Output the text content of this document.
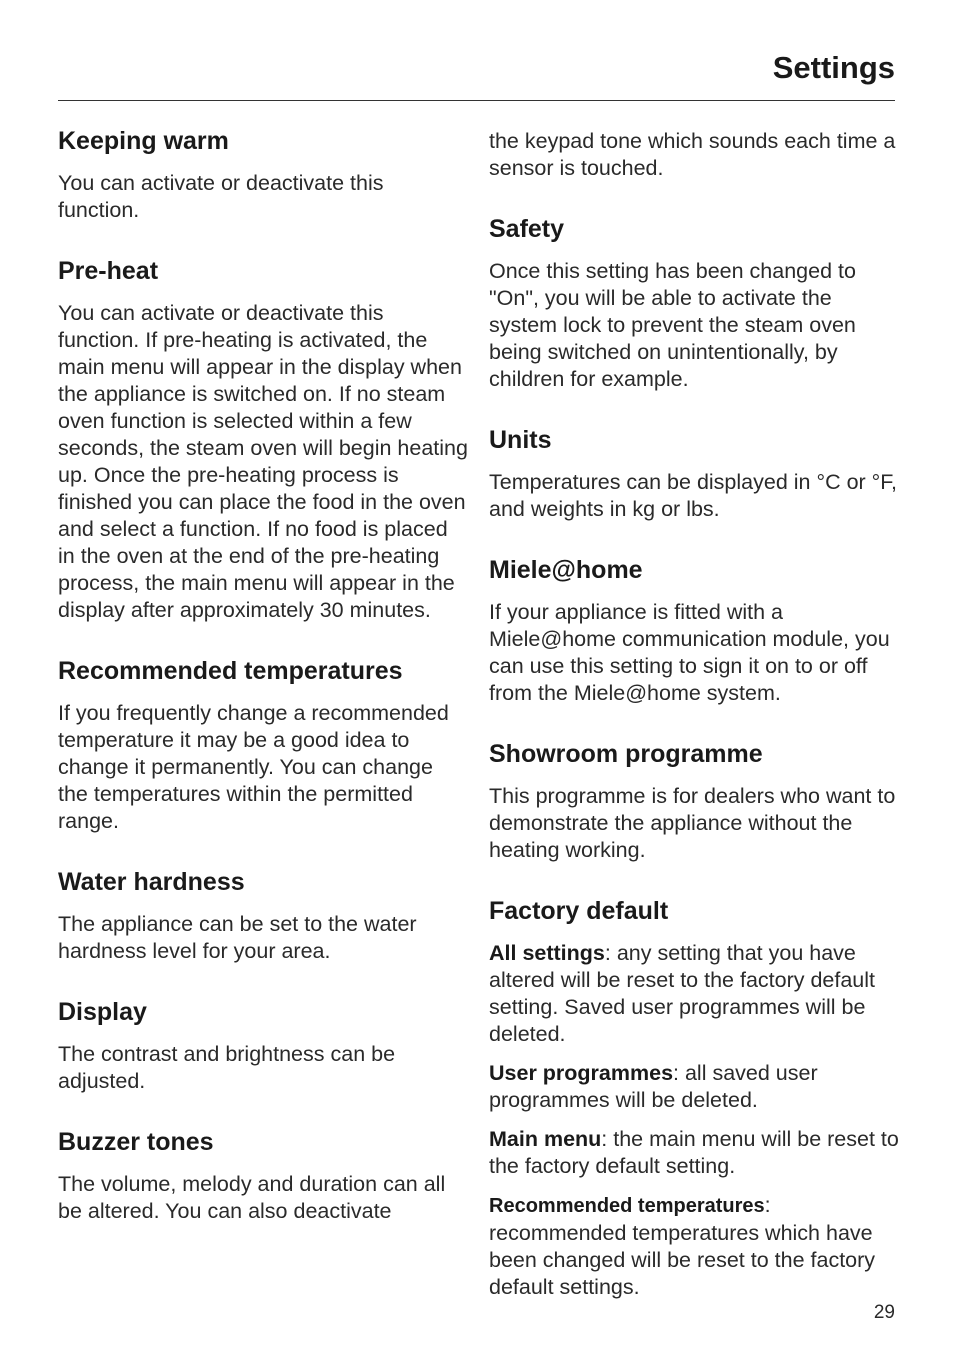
Settings
Keeping warm

You can activate or deactivate this function.

Pre-heat

You can activate or deactivate this function. If pre-heating is activated, the main menu will appear in the display when the appliance is switched on. If no steam oven function is selected within a few seconds, the steam oven will begin heating up. Once the pre-heating process is finished you can place the food in the oven and select a function. If no food is placed in the oven at the end of the pre-heating process, the main menu will appear in the display after approximately 30 minutes.

Recommended temperatures

If you frequently change a recommended temperature it may be a good idea to change it permanently. You can change the temperatures within the permitted range.

Water hardness

The appliance can be set to the water hardness level for your area.

Display

The contrast and brightness can be adjusted.

Buzzer tones

The volume, melody and duration can all be altered. You can also deactivate

the keypad tone which sounds each time a sensor is touched.

Safety

Once this setting has been changed to "On", you will be able to activate the system lock to prevent the steam oven being switched on unintentionally, by children for example.

Units

Temperatures can be displayed in °C or °F, and weights in kg or lbs.

Miele@home

If your appliance is fitted with a Miele@home communication module, you can use this setting to sign it on to or off from the Miele@home system.

Showroom programme

This programme is for dealers who want to demonstrate the appliance without the heating working.

Factory default

All settings: any setting that you have altered will be reset to the factory default setting. Saved user programmes will be deleted.

User programmes: all saved user programmes will be deleted.

Main menu: the main menu will be reset to the factory default setting.

Recommended temperatures: recommended temperatures which have been changed will be reset to the factory default settings.

29
